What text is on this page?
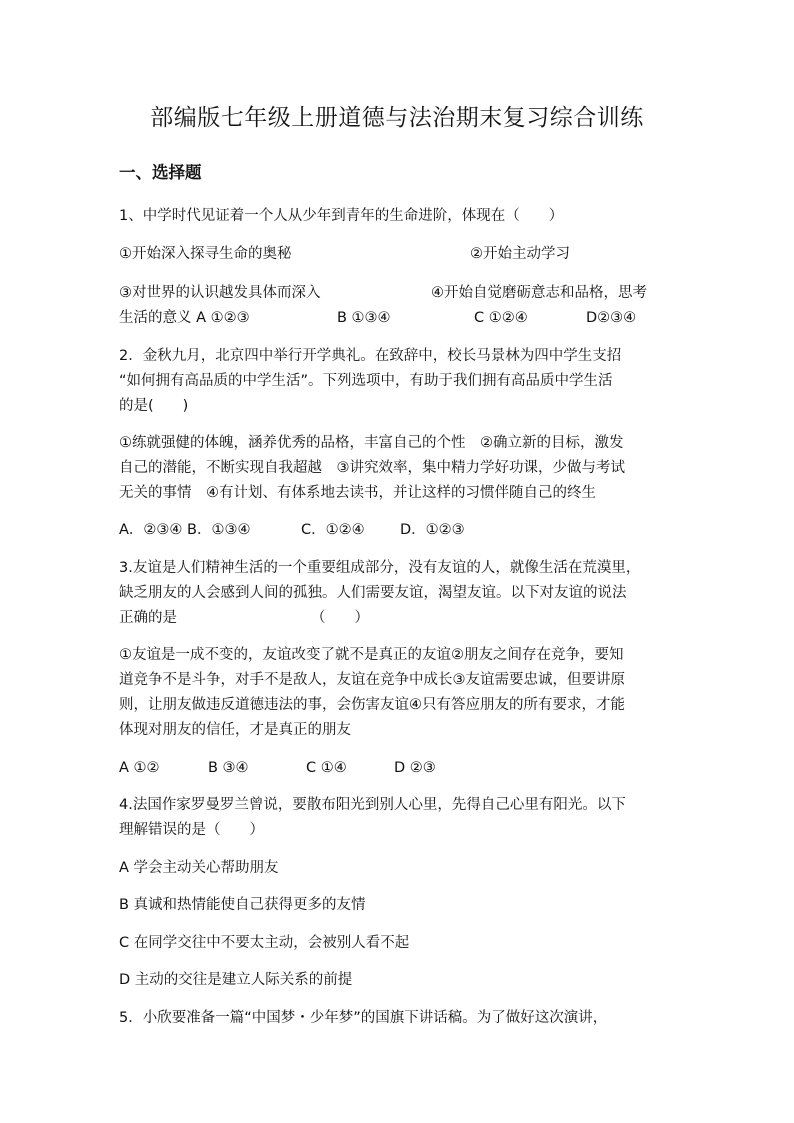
部编版七年级上册道德与法治期末复习综合训练
一、选择题
1、中学时代见证着一个人从少年到青年的生命进阶，体现在（　　）
①开始深入探寻生命的奥秘	②开始主动学习
③对世界的认识越发具体而深入	④开始自觉磨砺意志和品格，思考
生活的意义 A ①②③	B ①③④	C ①②④	D②③④
2．金秋九月，北京四中举行开学典礼。在致辞中，校长马景林为四中学生支招
“如何拥有高品质的中学生活”。下列选项中，有助于我们拥有高品质中学生活
的是(　　)
①练就强健的体魄，涵养优秀的品格，丰富自己的个性　②确立新的目标，激发
自己的潜能，不断实现自我超越　③讲究效率，集中精力学好功课，少做与考试
无关的事情　④有计划、有体系地去读书，并让这样的习惯伴随自己的终生
A．②③④ B．①③④	C．①②④	D．①②③
3.友谊是人们精神生活的一个重要组成部分，没有友谊的人，就像生活在荒漠里，
缺乏朋友的人会感到人间的孤独。人们需要友谊，渴望友谊。以下对友谊的说法
正确的是	（　　）
①友谊是一成不变的，友谊改变了就不是真正的友谊②朋友之间存在竞争，要知
道竞争不是斗争，对手不是敌人，友谊在竞争中成长③友谊需要忠诚，但要讲原
则，让朋友做违反道德违法的事，会伤害友谊④只有答应朋友的所有要求，才能
体现对朋友的信任，才是真正的朋友
A ①②	B ③④	C ①④	D ②③
4.法国作家罗曼罗兰曾说，要散布阳光到别人心里，先得自己心里有阳光。以下
理解错误的是（　　）
A 学会主动关心帮助朋友
B 真诚和热情能使自己获得更多的友情
C 在同学交往中不要太主动，会被别人看不起
D 主动的交往是建立人际关系的前提
5．小欣要准备一篇“中国梦・少年梦”的国旗下讲话稿。为了做好这次演讲，
